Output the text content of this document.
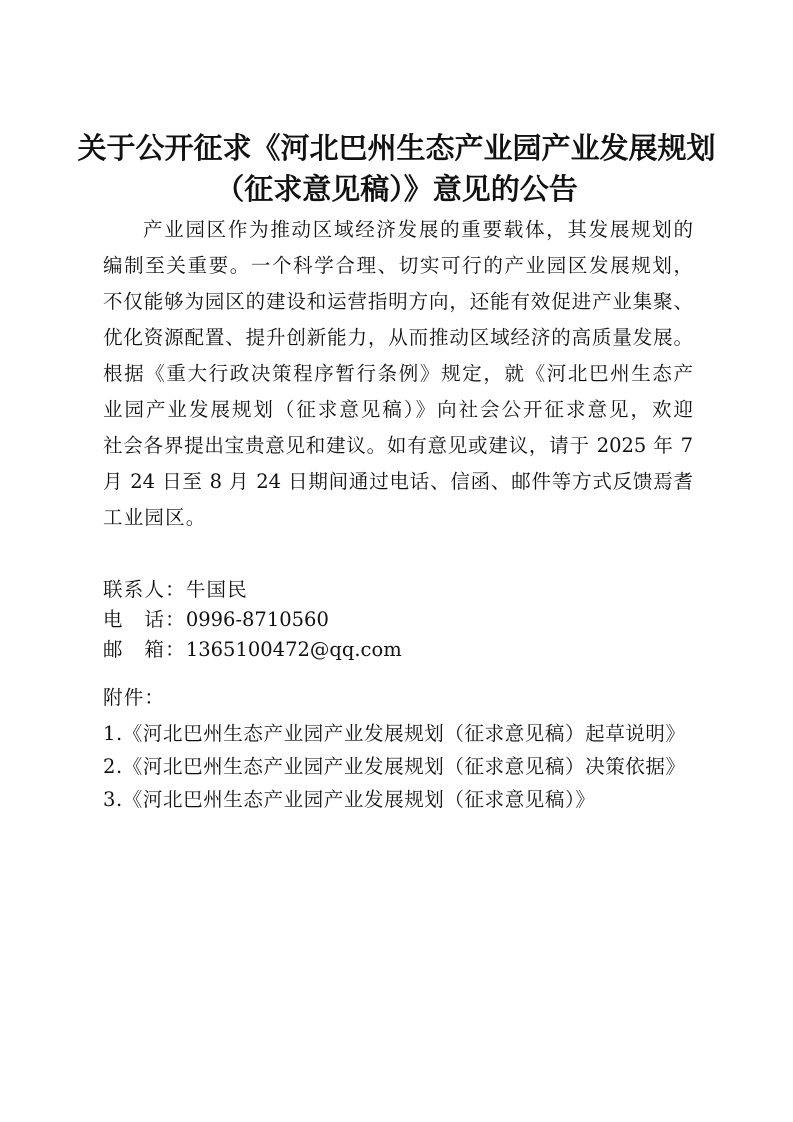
关于公开征求《河北巴州生态产业园产业发展规划
（征求意见稿）》意见的公告
产业园区作为推动区域经济发展的重要载体，其发展规划的
编制至关重要。一个科学合理、切实可行的产业园区发展规划，
不仅能够为园区的建设和运营指明方向，还能有效促进产业集聚、
优化资源配置、提升创新能力，从而推动区域经济的高质量发展。
根据《重大行政决策程序暂行条例》规定，就《河北巴州生态产
业园产业发展规划（征求意见稿）》向社会公开征求意见，欢迎
社会各界提出宝贵意见和建议。如有意见或建议，请于 2025 年 7
月 24 日至 8 月 24 日期间通过电话、信函、邮件等方式反馈焉耆
工业园区。
联系人：牛国民
电　话：0996-8710560
邮　箱：1365100472@qq.com
附件：
1.《河北巴州生态产业园产业发展规划（征求意见稿）起草说明》
2.《河北巴州生态产业园产业发展规划（征求意见稿）决策依据》
3.《河北巴州生态产业园产业发展规划（征求意见稿）》
